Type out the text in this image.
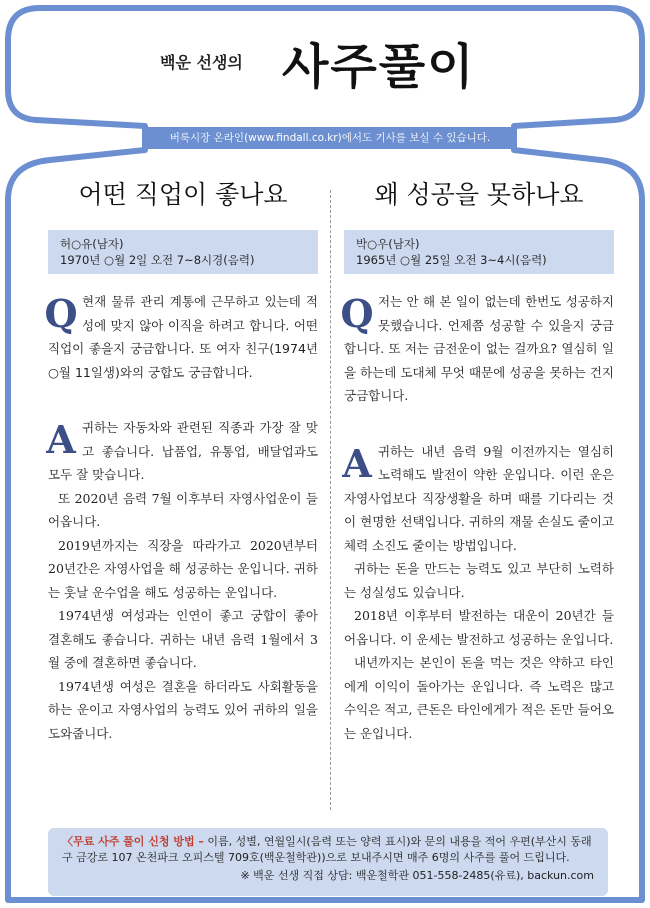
백운 선생의 사주풀이
버룩시장 온라인(www.findall.co.kr)에서도 기사를 보실 수 있습니다.
어떤 직업이 좋나요
허○유(남자)
1970년 ○월 2일 오전 7~8시경(음력)
Q 현재 물류 관리 계통에 근무하고 있는데 적성에 맞지 않아 이직을 하려고 합니다. 어떤 직업이 좋을지 궁금합니다. 또 여자 친구(1974년 ○월 11일생)와의 궁합도 궁금합니다.

A 귀하는 자동차와 관련된 직종과 가장 잘 맞고 좋습니다. 납품업, 유통업, 배달업과도 모두 잘 맞습니다.

또 2020년 음력 7월 이후부터 자영사업운이 들어옵니다.

2019년까지는 직장을 따라가고 2020년부터 20년간은 자영사업을 해 성공하는 운입니다. 귀하는 훗날 운수업을 해도 성공하는 운입니다.

1974년생 여성과는 인연이 좋고 궁합이 좋아 결혼해도 좋습니다. 귀하는 내년 음력 1월에서 3월 중에 결혼하면 좋습니다.

1974년생 여성은 결혼을 하더라도 사회활동을 하는 운이고 자영사업의 능력도 있어 귀하의 일을 도와줍니다.

왜 성공을 못하나요
박○우(남자)
1965년 ○월 25일 오전 3~4시(음력)
Q 저는 안 해 본 일이 없는데 한번도 성공하지 못했습니다. 언제쯤 성공할 수 있을지 궁금합니다. 또 저는 금전운이 없는 걸까요? 열심히 일을 하는데 도대체 무엇 때문에 성공을 못하는 건지 궁금합니다.

A 귀하는 내년 음력 9월 이전까지는 열심히 노력해도 발전이 약한 운입니다. 이런 운은 자영사업보다 직장생활을 하며 때를 기다리는 것이 현명한 선택입니다. 귀하의 재물 손실도 줄이고 체력 소진도 줄이는 방법입니다.

귀하는 돈을 만드는 능력도 있고 부단히 노력하는 성실성도 있습니다.

2018년 이후부터 발전하는 대운이 20년간 들어옵니다. 이 운세는 발전하고 성공하는 운입니다.

내년까지는 본인이 돈을 먹는 것은 약하고 타인에게 이익이 돌아가는 운입니다. 즉 노력은 많고 수익은 적고, 큰돈은 타인에게가 적은 돈만 들어오는 운입니다.

〈무료 사주 풀이 신청 방법 – 이름, 성별, 연월일시(음력 또는 양력 표시)와 문의 내용을 적어 우편(부산시 동래구 금강로 107 온천파크 오피스텔 709호(백운철학관))으로 보내주시면 매주 6명의 사주를 풀어 드립니다.
※ 백운 선생 직접 상담: 백운철학관 051-558-2485(유료), backun.com
